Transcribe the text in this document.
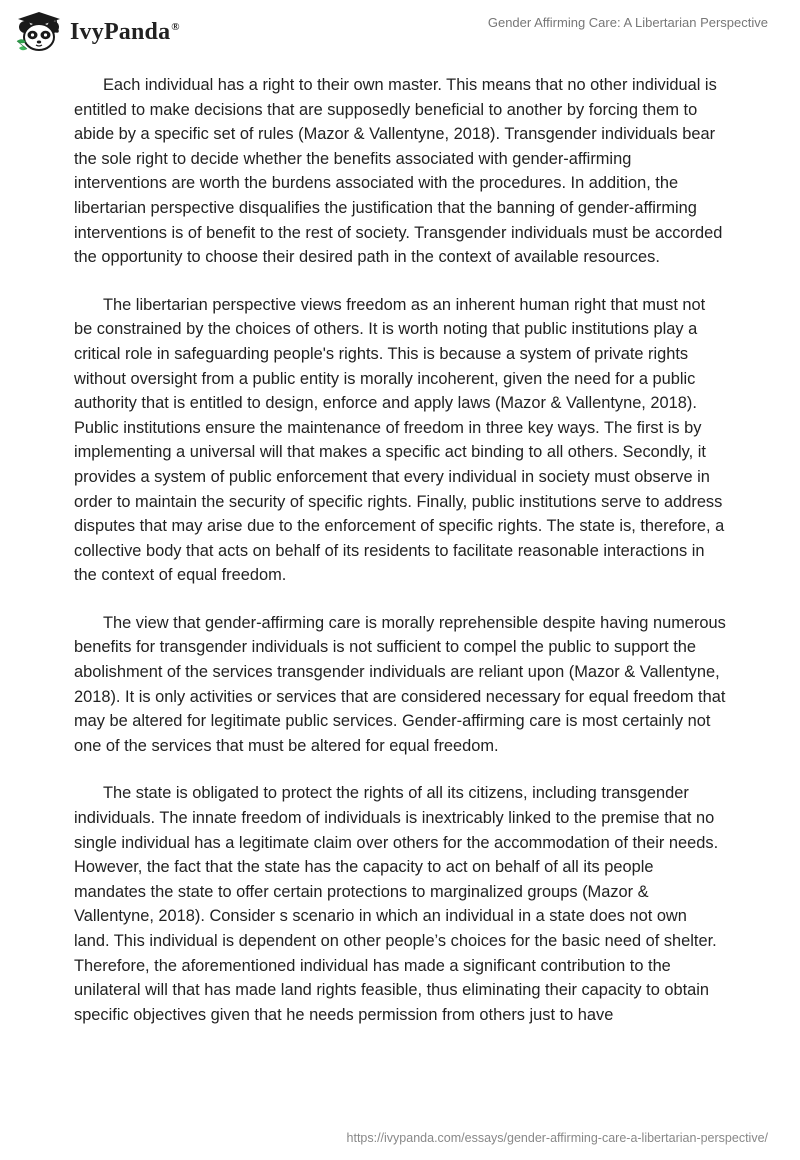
IvyPanda®	Gender Affirming Care: A Libertarian Perspective

Each individual has a right to their own master. This means that no other individual is entitled to make decisions that are supposedly beneficial to another by forcing them to abide by a specific set of rules (Mazor & Vallentyne, 2018). Transgender individuals bear the sole right to decide whether the benefits associated with gender-affirming interventions are worth the burdens associated with the procedures. In addition, the libertarian perspective disqualifies the justification that the banning of gender-affirming interventions is of benefit to the rest of society. Transgender individuals must be accorded the opportunity to choose their desired path in the context of available resources.

The libertarian perspective views freedom as an inherent human right that must not be constrained by the choices of others. It is worth noting that public institutions play a critical role in safeguarding people's rights. This is because a system of private rights without oversight from a public entity is morally incoherent, given the need for a public authority that is entitled to design, enforce and apply laws (Mazor & Vallentyne, 2018). Public institutions ensure the maintenance of freedom in three key ways. The first is by implementing a universal will that makes a specific act binding to all others. Secondly, it provides a system of public enforcement that every individual in society must observe in order to maintain the security of specific rights. Finally, public institutions serve to address disputes that may arise due to the enforcement of specific rights. The state is, therefore, a collective body that acts on behalf of its residents to facilitate reasonable interactions in the context of equal freedom.

The view that gender-affirming care is morally reprehensible despite having numerous benefits for transgender individuals is not sufficient to compel the public to support the abolishment of the services transgender individuals are reliant upon (Mazor & Vallentyne, 2018). It is only activities or services that are considered necessary for equal freedom that may be altered for legitimate public services. Gender-affirming care is most certainly not one of the services that must be altered for equal freedom.

The state is obligated to protect the rights of all its citizens, including transgender individuals. The innate freedom of individuals is inextricably linked to the premise that no single individual has a legitimate claim over others for the accommodation of their needs. However, the fact that the state has the capacity to act on behalf of all its people mandates the state to offer certain protections to marginalized groups (Mazor & Vallentyne, 2018). Consider s scenario in which an individual in a state does not own land. This individual is dependent on other people’s choices for the basic need of shelter. Therefore, the aforementioned individual has made a significant contribution to the unilateral will that has made land rights feasible, thus eliminating their capacity to obtain specific objectives given that he needs permission from others just to have

https://ivypanda.com/essays/gender-affirming-care-a-libertarian-perspective/
